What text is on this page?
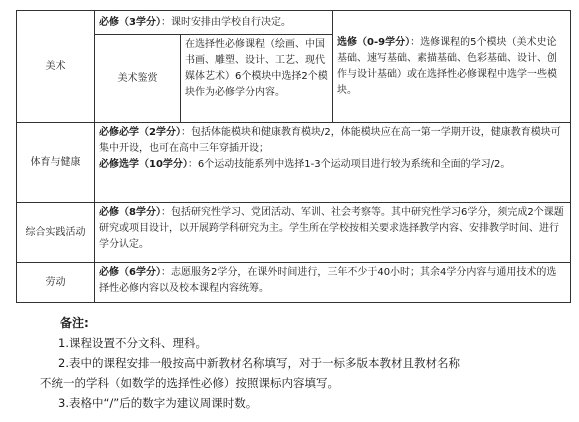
美术	必修（3学分）：课时安排由学校自行决定。		选修（0-9学分）：选修课程的5个模块（美术史论基础、速写基础、素描基础、色彩基础、设计、创作与设计基础）或在选择性必修课程中选学一些模块。
	美术鉴赏	在选择性必修课程（绘画、中国书画、雕塑、设计、工艺、现代媒体艺术）6个模块中选择2个模块作为必修学分内容。	
体育与健康	必修必学（2学分）：包括体能模块和健康教育模块/2，体能模块应在高一第一学期开设，健康教育模块可集中开设，也可在高中三年穿插开设；
必修选学（10学分）：6个运动技能系列中选择1-3个运动项目进行较为系统和全面的学习/2。		

综合实践活动	必修（8学分）：包括研究性学习、党团活动、军训、社会考察等。其中研究性学习6学分，须完成2个课题研究或项目设计，以开展跨学科研究为主。学生所在学校按相关要求选择教学内容、安排教学时间、进行学分认定。		
劳动	必修（6学分）：志愿服务2学分，在课外时间进行，三年不少于40小时；其余4学分内容与通用技术的选择性必修内容以及校本课程内容统筹。		
备注:
1.课程设置不分文科、理科。
2.表中的课程安排一般按高中新教材名称填写，对于一标多版本教材且教材名称
不统一的学科（如数学的选择性必修）按照课标内容填写。
3.表格中“/”后的数字为建议周课时数。
